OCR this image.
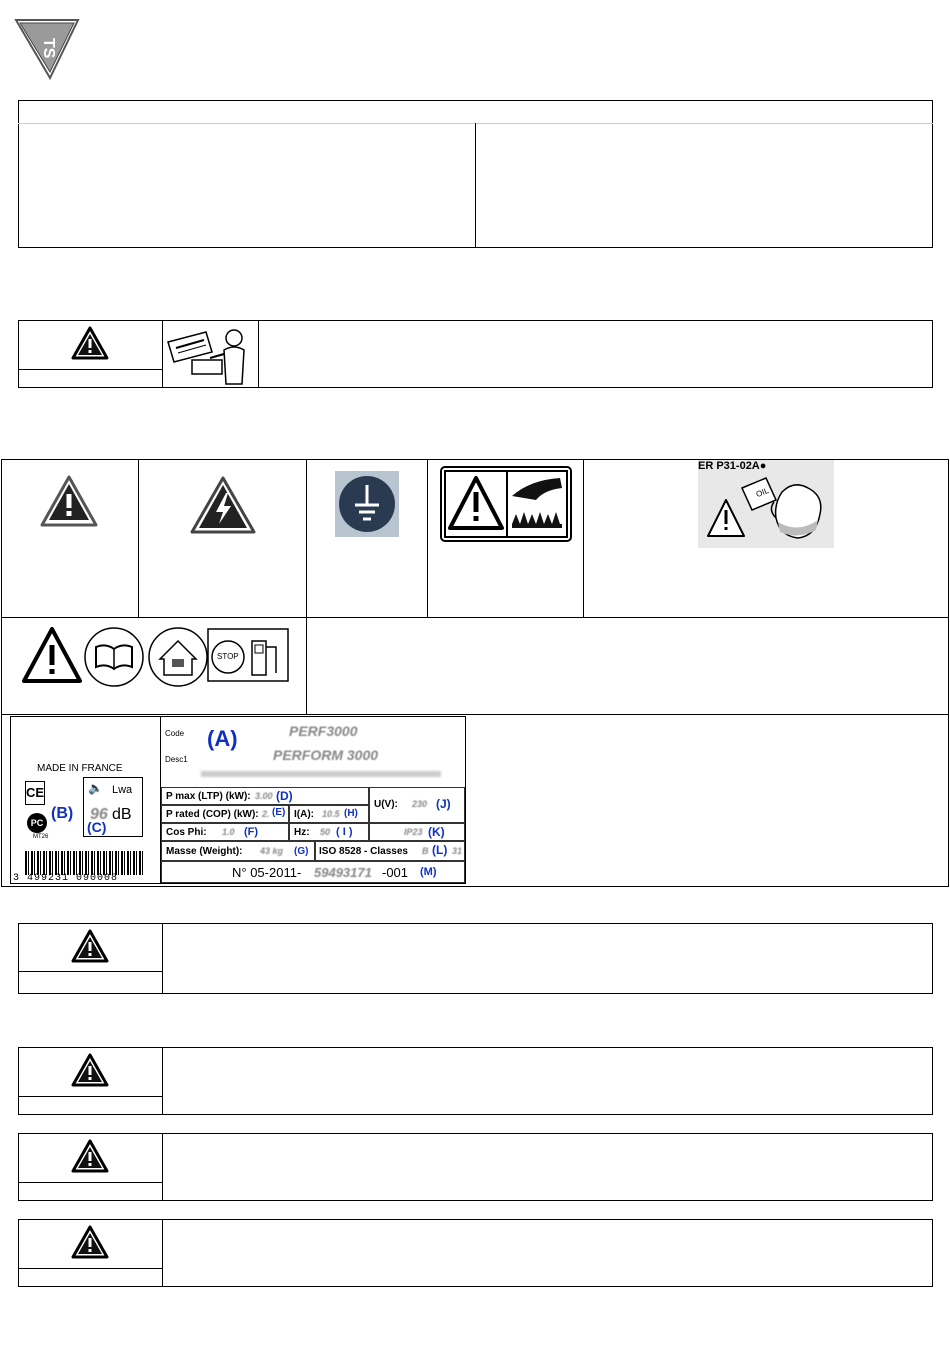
TS
ER P31-02A●
OIL
STOP
MADE IN FRANCE
CE
(B)
PC
MT26
🔈 Lwa
96 dB
(C)
3 499231 090008
Code
Desc1
(A)	PERF3000
PERFORM 3000
P max (LTP) (kW): 3.00 (D)
U(V): 230 (J)
P rated (COP) (kW): 2. (E) I(A): 10.5 (H)
Cos Phi: 1.0 (F)	Hz: 50 ( I )	IP23 (K)
Masse (Weight): 43 kg (G) ISO 8528 - Classes B (L) 31
N° 05-2011- 59493171 -001 (M)
